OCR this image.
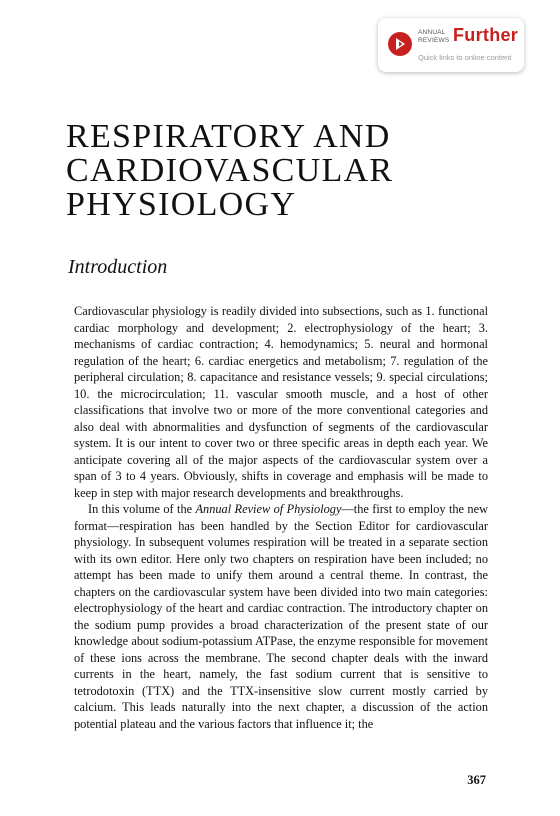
ANNUAL
REVIEWS Further
Quick links to online content
RESPIRATORY AND
CARDIOVASCULAR
PHYSIOLOGY
Introduction

Cardiovascular physiology is readily divided into subsections, such as 1. functional cardiac morphology and development; 2. electrophysiology of the heart; 3. mechanisms of cardiac contraction; 4. hemodynamics; 5. neural and hormonal regulation of the heart; 6. cardiac energetics and metabolism; 7. regulation of the peripheral circulation; 8. capacitance and resistance vessels; 9. special circulations; 10. the microcirculation; 11. vascular smooth muscle, and a host of other classifications that involve two or more of the more conventional categories and also deal with abnormalities and dysfunction of segments of the cardiovascular system. It is our intent to cover two or three specific areas in depth each year. We anticipate covering all of the major aspects of the cardiovascular system over a span of 3 to 4 years. Obviously, shifts in coverage and emphasis will be made to keep in step with major research developments and breakthroughs.

In this volume of the Annual Review of Physiology—the first to employ the new format—respiration has been handled by the Section Editor for cardiovascular physiology. In subsequent volumes respiration will be treated in a separate section with its own editor. Here only two chapters on respiration have been included; no attempt has been made to unify them around a central theme. In contrast, the chapters on the cardiovascular system have been divided into two main categories: electrophysiology of the heart and cardiac contraction. The introductory chapter on the sodium pump provides a broad characterization of the present state of our knowledge about sodium-potassium ATPase, the enzyme responsible for movement of these ions across the membrane. The second chapter deals with the inward currents in the heart, namely, the fast sodium current that is sensitive to tetrodotoxin (TTX) and the TTX-insensitive slow current mostly carried by calcium. This leads naturally into the next chapter, a discussion of the action potential plateau and the various factors that influence it; the

367
